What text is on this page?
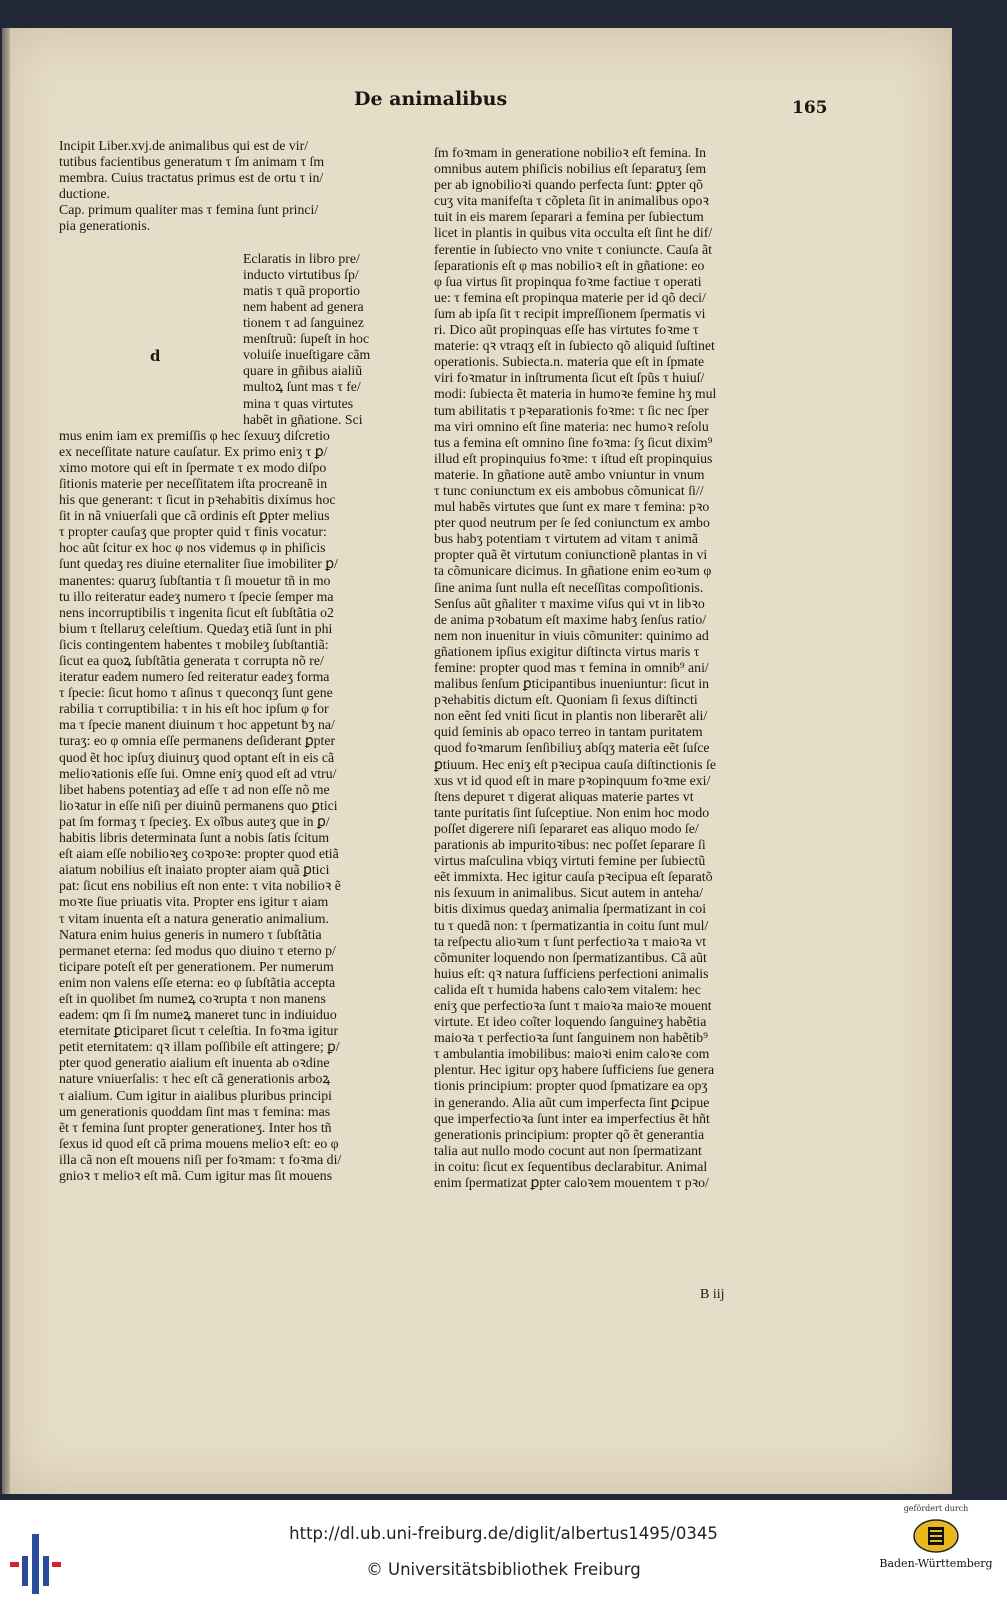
De animalibus	165
d
Incipit Liber.xvj.de animalibus qui est de vir/
tutibus facientibus generatum τ ſm animam τ ſm
membra. Cuius tractatus primus est de ortu τ in/
ductione.
Cap. primum qualiter mas τ femina ſunt princi/
pia generationis.

Eclaratis in libro pre/
inducto virtutibus ſp/
matis τ quã proportio
nem habent ad genera
tionem τ ad ſanguinez
menſtruũ: ſupeſt in hoc
voluiſe inueſtigare cãm
quare in gñibus aialiũ
multoꝝ ſunt mas τ fe/
mina τ quas virtutes
habẽt in gñatione. Sci
mus enim iam ex premiſſis φ hec ſexuuʒ diſcretio
ex neceſſitate nature cauſatur. Ex primo eniʒ τ ꝑ/
ximo motore qui eſt in ſpermate τ ex modo diſpo
ſitionis materie per neceſſitatem iſta procreanẽ in
his que generant: τ ſicut in pꝛehabitis dixímus hoc
ſit in nã vniuerſali que cã ordinis eſt ꝑpter melius
τ propter cauſaʒ que propter quid τ finis vocatur:
hoc aũt ſcitur ex hoc φ nos videmus φ in phiſicis
ſunt quedaʒ res diuine eternaliter ſiue imobiliter ꝑ/
manentes: quaruʒ ſubſtantia τ ſi mouetur tñ in mo
tu illo reiteratur eadeʒ numero τ ſpecie ſemper ma
nens incorruptibilis τ ingenita ſicut eſt ſubſtãtia o2
bium τ ſtellaruʒ celeſtium. Quedaʒ etiã ſunt in phi
ſicis contingentem habentes τ mobileʒ ſubſtantiã:
ſicut ea quoꝝ ſubſtãtia generata τ corrupta nõ re/
iteratur eadem numero ſed reiteratur eadeʒ forma
τ ſpecie: ſicut homo τ aſinus τ queconqʒ ſunt gene
rabilia τ corruptibilia: τ in his eſt hoc ipſum φ for
ma τ ſpecie manent diuinum τ hoc appetunt ƀʒ na/
turaʒ: eo φ omnia eſſe permanens deſiderant ꝑpter
quod ẽt hoc ipſuʒ diuinuʒ quod optant eſt in eis cã
melioꝛationis eſſe ſui. Omne eniʒ quod eſt ad vtru/
libet habens potentiaʒ ad eſſe τ ad non eſſe nõ me
lioꝛatur in eſſe niſi per diuinũ permanens quo ꝑtici
pat ſm formaʒ τ ſpecieʒ. Ex oĩbus auteʒ que in ꝑ/
habitis libris determinata ſunt a nobis ſatis ſcitum
eſt aiam eſſe nobilioꝛeʒ coꝛpoꝛe: propter quod etiã
aiatum nobilius eſt inaiato propter aiam quã ꝑtici
pat: ſicut ens nobilius eſt non ente: τ vita nobilioꝛ ẽ
moꝛte ſiue priuatis vita. Propter ens igitur τ aiam
τ vitam inuenta eſt a natura generatio animalium.
Natura enim huius generis in numero τ ſubſtãtia
permanet eterna: ſed modus quo diuino τ eterno p/
ticipare poteſt eſt per generationem. Per numerum
enim non valens eſſe eterna: eo φ ſubſtãtia accepta
eſt in quolibet ſm numeꝝ coꝛrupta τ non manens
eadem: qm ſi ſm numeꝝ maneret tunc in indiuiduo
eternitate ꝑticiparet ſicut τ celeſtia. In foꝛma igitur
petit eternitatem: qꝛ illam poſſibile eſt attingere; ꝑ/
pter quod generatio aialium eſt inuenta ab oꝛdine
nature vniuerſalis: τ hec eſt cã generationis arboꝝ
τ aialium. Cum igitur in aialibus pluribus principi
um generationis quoddam ſint mas τ femina: mas
ẽt τ femina ſunt propter generationeʒ. Inter hos tñ
ſexus id quod eſt cã prima mouens melioꝛ eſt: eo φ
illa cã non eſt mouens niſi per foꝛmam: τ foꝛma di/
gnioꝛ τ melioꝛ eſt mã. Cum igitur mas ſit mouens
ſm foꝛmam in generatione nobilioꝛ eſt femina. In
omnibus autem phiſicis nobilius eſt ſeparatuʒ ſem
per ab ignobilioꝛi quando perfecta ſunt: ꝑpter qõ
cuʒ vita manifeſta τ cõpleta ſit in animalibus opoꝛ
tuit in eis marem ſeparari a femina per ſubiectum
licet in plantis in quibus vita occulta eſt ſint he dif/
ferentie in ſubiecto vno vnite τ coniuncte. Cauſa ãt
ſeparationis eſt φ mas nobilioꝛ eſt in gñatione: eo
φ ſua virtus ſit propinqua foꝛme factiue τ operati
ue: τ femina eſt propinqua materie per id qõ deci/
ſum ab ipſa ſit τ recipit impreſſionem ſpermatis vi
ri. Dico aũt propinquas eſſe has virtutes foꝛme τ
materie: qꝛ vtraqʒ eſt in ſubiecto qõ aliquid ſuſtinet
operationis. Subiecta.n. materia que eſt in ſpmate
viri foꝛmatur in inſtrumenta ſicut eſt ſpũs τ huiuſ/
modi: ſubiecta ẽt materia in humoꝛe femine hʒ mul
tum abilitatis τ pꝛeparationis foꝛme: τ ſic nec ſper
ma viri omnino eſt ſine materia: nec humoꝛ reſolu
tus a femina eſt omnino ſine foꝛma: ſʒ ſicut dixim⁹
illud eſt propinquius foꝛme: τ iſtud eſt propinquius
materie. In gñatione autẽ ambo vniuntur in vnum
τ tunc coniunctum ex eis ambobus cõmunicat ſi//
mul habẽs virtutes que ſunt ex mare τ femina: pꝛo
pter quod neutrum per ſe ſed coniunctum ex ambo
bus habʒ potentiam τ virtutem ad vitam τ animã
propter quã ẽt virtutum coniunctionẽ plantas in vi
ta cõmunicare dicimus. In gñatione enim eoꝛum φ
ſine anima ſunt nulla eſt neceſſitas compoſitionis.
Senſus aũt gñaliter τ maxime viſus qui vt in libꝛo
de anima pꝛobatum eſt maxime habʒ ſenſus ratio/
nem non inuenitur in viuis cõmuniter: quinimo ad
gñationem ipſius exigitur diſtincta virtus maris τ
femine: propter quod mas τ femina in omnib⁹ ani/
malibus ſenſum ꝑticipantibus inueniuntur: ſicut in
pꝛehabitis dictum eſt. Quoniam ſi ſexus diſtincti
non eẽnt ſed vniti ſicut in plantis non liberarẽt ali/
quid ſeminis ab opaco terreo in tantam puritatem
quod foꝛmarum ſenſibiliuʒ abſqʒ materia eẽt ſuſce
ꝑtiuum. Hec eniʒ eſt pꝛecipua cauſa diſtinctionis ſe
xus vt id quod eſt in mare pꝛopinquum foꝛme exi/
ſtens depuret τ digerat aliquas materie partes vt
tante puritatis ſint ſuſceptiue. Non enim hoc modo
poſſet digerere niſi ſepararet eas aliquo modo ſe/
parationis ab impuritoꝛibus: nec poſſet ſeparare ſi
virtus maſculina vbiqʒ virtuti femine per ſubiectũ
eẽt immixta. Hec igitur cauſa pꝛecipua eſt ſeparatõ
nis ſexuum in animalibus. Sicut autem in anteha/
bitis diximus quedaʒ animalia ſpermatizant in coi
tu τ quedã non: τ ſpermatizantia in coitu ſunt mul/
ta reſpectu alioꝛum τ ſunt perfectioꝛa τ maioꝛa vt
cõmuniter loquendo non ſpermatizantibus. Cã aũt
huius eſt: qꝛ natura ſufficiens perfectioni animalis
calida eſt τ humida habens caloꝛem vitalem: hec
eniʒ que perfectioꝛa ſunt τ maioꝛa maioꝛe mouent
virtute. Et ideo coĩter loquendo ſanguineʒ habẽtia
maioꝛa τ perfectioꝛa ſunt ſanguinem non habẽtib⁹
τ ambulantia imobilibus: maioꝛi enim caloꝛe com
plentur. Hec igitur opʒ habere ſufficiens ſue genera
tionis principium: propter quod ſpmatizare ea opʒ
in generando. Alia aũt cum imperfecta ſint ꝑcipue
que imperfectioꝛa ſunt inter ea imperfectius ẽt hñt
generationis principium: propter qõ ẽt generantia
talia aut nullo modo cocunt aut non ſpermatizant
in coitu: ſicut ex ſequentibus declarabitur. Animal
enim ſpermatizat ꝑpter caloꝛem mouentem τ pꝛo/
B iij
http://dl.ub.uni-freiburg.de/diglit/albertus1495/0345
© Universitätsbibliothek Freiburg
gefördert durch
Baden-Württemberg
